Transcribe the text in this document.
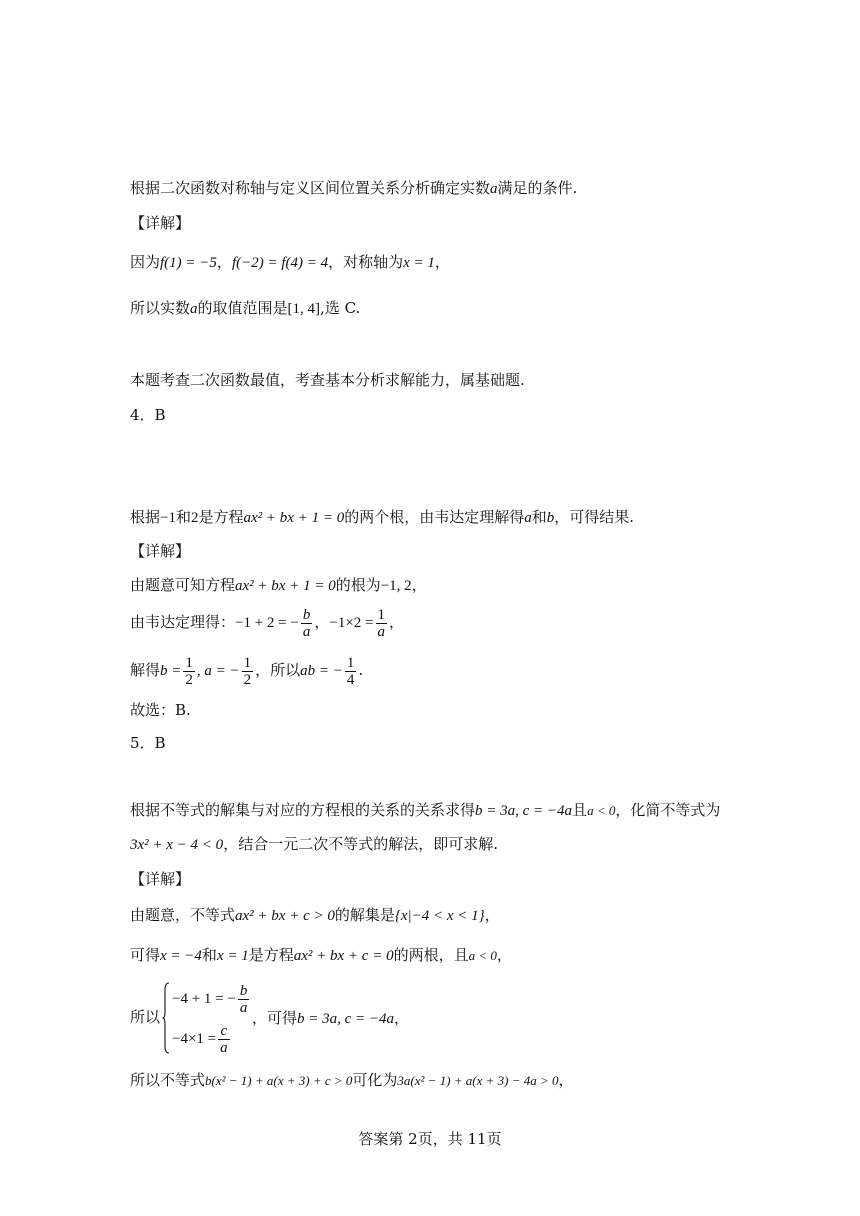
根据二次函数对称轴与定义区间位置关系分析确定实数a满足的条件.
【详解】
因为f(1) = −5，f(−2) = f(4) = 4，对称轴为x = 1，
所以实数a的取值范围是[1, 4],选 C.
本题考查二次函数最值，考查基本分析求解能力，属基础题.
4．B
根据−1和2是方程ax² + bx + 1 = 0的两个根，由韦达定理解得a和b，可得结果.
【详解】
由题意可知方程ax² + bx + 1 = 0的根为−1, 2，
由韦达定理得：−1 + 2 = − $\frac{b}{a}$ ，$-1\times 2 = \frac{1}{a}$ ，
解得$b = \frac{1}{2}$ , a = − $\frac{1}{2}$ ，所以ab = − $\frac{1}{4}$ .
故选：B.
5．B
根据不等式的解集与对应的方程根的关系的关系求得b = 3a, c = −4a且a < 0，化简不等式为
3x² + x − 4 < 0，结合一元二次不等式的解法，即可求解.
【详解】
由题意，不等式ax² + bx + c > 0的解集是{x|−4 < x < 1}，
可得x = −4和x = 1是方程ax² + bx + c = 0的两根，且a < 0，
所以
−4 + 1 = − $\frac{b}{a}$
$-4\times 1 = \frac{c}{a}$
，可得b = 3a, c = −4a，
所以不等式b(x² − 1) + a(x + 3) + c > 0可化为3a(x² − 1) + a(x + 3) − 4a > 0，
答案第 2页，共 11页
